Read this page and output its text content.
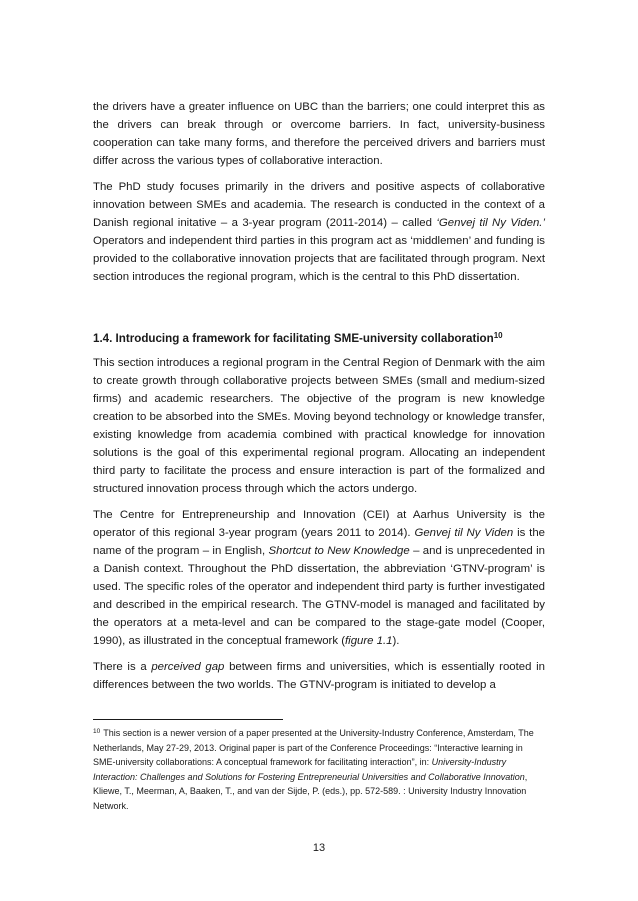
the drivers have a greater influence on UBC than the barriers; one could interpret this as the drivers can break through or overcome barriers. In fact, university-business cooperation can take many forms, and therefore the perceived drivers and barriers must differ across the various types of collaborative interaction.

The PhD study focuses primarily in the drivers and positive aspects of collaborative innovation between SMEs and academia. The research is conducted in the context of a Danish regional initative – a 3-year program (2011-2014) – called ‘Genvej til Ny Viden.’ Operators and independent third parties in this program act as ‘middlemen’ and funding is provided to the collaborative innovation projects that are facilitated through program. Next section introduces the regional program, which is the central to this PhD dissertation.

1.4. Introducing a framework for facilitating SME-university collaboration$^{10}$

This section introduces a regional program in the Central Region of Denmark with the aim to create growth through collaborative projects between SMEs (small and medium-sized firms) and academic researchers. The objective of the program is new knowledge creation to be absorbed into the SMEs. Moving beyond technology or knowledge transfer, existing knowledge from academia combined with practical knowledge for innovation solutions is the goal of this experimental regional program. Allocating an independent third party to facilitate the process and ensure interaction is part of the formalized and structured innovation process through which the actors undergo.

The Centre for Entrepreneurship and Innovation (CEI) at Aarhus University is the operator of this regional 3-year program (years 2011 to 2014). Genvej til Ny Viden is the name of the program – in English, Shortcut to New Knowledge – and is unprecedented in a Danish context. Throughout the PhD dissertation, the abbreviation ‘GTNV-program’ is used. The specific roles of the operator and independent third party is further investigated and described in the empirical research. The GTNV-model is managed and facilitated by the operators at a meta-level and can be compared to the stage-gate model (Cooper, 1990), as illustrated in the conceptual framework (figure 1.1).

There is a perceived gap between firms and universities, which is essentially rooted in differences between the two worlds. The GTNV-program is initiated to develop a

$^{10}$ This section is a newer version of a paper presented at the University-Industry Conference, Amsterdam, The Netherlands, May 27-29, 2013. Original paper is part of the Conference Proceedings: “Interactive learning in SME-university collaborations: A conceptual framework for facilitating interaction”, in: University-Industry Interaction: Challenges and Solutions for Fostering Entrepreneurial Universities and Collaborative Innovation, Kliewe, T., Meerman, A, Baaken, T., and van der Sijde, P. (eds.), pp. 572-589. : University Industry Innovation Network.
13
